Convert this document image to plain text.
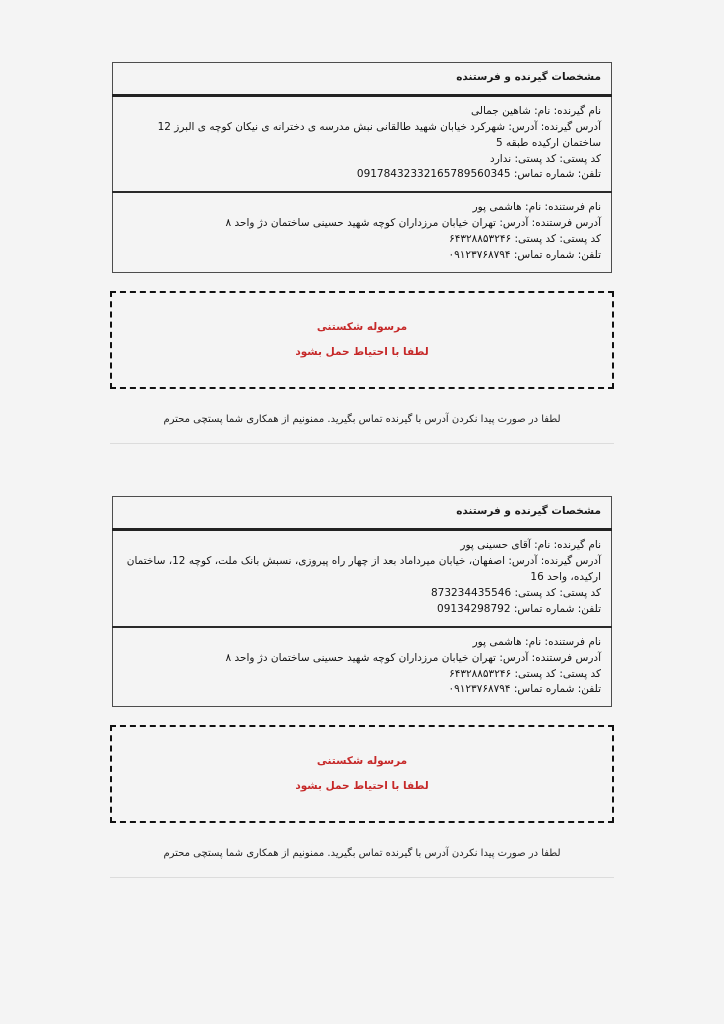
مشخصات گیرنده و فرستنده

نام گیرنده: نام: شاهین جمالی
آدرس گیرنده: آدرس: شهرکرد خیابان شهید طالقانی نبش مدرسه ی دخترانه ی نیکان کوچه ی البرز 12 ساختمان ارکیده طبقه 5
کد پستی: کد پستی: ندارد
تلفن: شماره تماس: 09178432332165789560345

نام فرستنده: نام: هاشمی پور
آدرس فرستنده: آدرس: تهران خیابان مرزداران کوچه شهید حسینی ساختمان دژ واحد ۸
کد پستی: کد پستی: ۶۴۳۲۸۸۵۳۲۴۶
تلفن: شماره تماس: ۰۹۱۲۳۷۶۸۷۹۴
مرسوله شکستنی
لطفا با احتیاط حمل بشود
لطفا در صورت پیدا نکردن آدرس با گیرنده تماس بگیرید. ممنونیم از همکاری شما پستچی محترم
مشخصات گیرنده و فرستنده

نام گیرنده: نام: آقای حسینی پور
آدرس گیرنده: آدرس: اصفهان، خیابان میرداماد بعد از چهار راه پیروزی، نسبش بانک ملت، کوچه 12، ساختمان ارکیده، واحد 16
کد پستی: کد پستی: 873234435546
تلفن: شماره تماس: 09134298792

نام فرستنده: نام: هاشمی پور
آدرس فرستنده: آدرس: تهران خیابان مرزداران کوچه شهید حسینی ساختمان دژ واحد ۸
کد پستی: کد پستی: ۶۴۳۲۸۸۵۳۲۴۶
تلفن: شماره تماس: ۰۹۱۲۳۷۶۸۷۹۴
مرسوله شکستنی
لطفا با احتیاط حمل بشود
لطفا در صورت پیدا نکردن آدرس با گیرنده تماس بگیرید. ممنونیم از همکاری شما پستچی محترم
